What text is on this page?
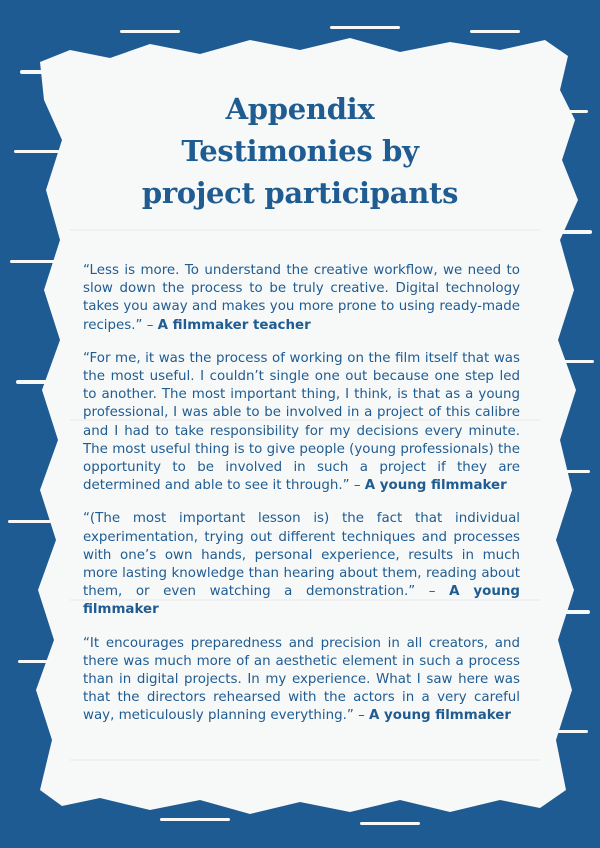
Appendix
Testimonies by
project participants

“Less is more. To understand the creative workflow, we need to slow down the process to be truly creative. Digital technology takes you away and makes you more prone to using ready-made recipes.” – A filmmaker teacher

“For me, it was the process of working on the film itself that was the most useful. I couldn’t single one out because one step led to another. The most important thing, I think, is that as a young professional, I was able to be involved in a project of this calibre and I had to take responsibility for my decisions every minute. The most useful thing is to give people (young professionals) the opportunity to be involved in such a project if they are determined and able to see it through.” – A young filmmaker

“(The most important lesson is) the fact that individual experimentation, trying out different techniques and processes with one’s own hands, personal experience, results in much more lasting knowledge than hearing about them, reading about them, or even watching a demonstration.” – A young filmmaker

“It encourages preparedness and precision in all creators, and there was much more of an aesthetic element in such a process than in digital projects. In my experience. What I saw here was that the directors rehearsed with the actors in a very careful way, meticulously planning everything.” – A young filmmaker
